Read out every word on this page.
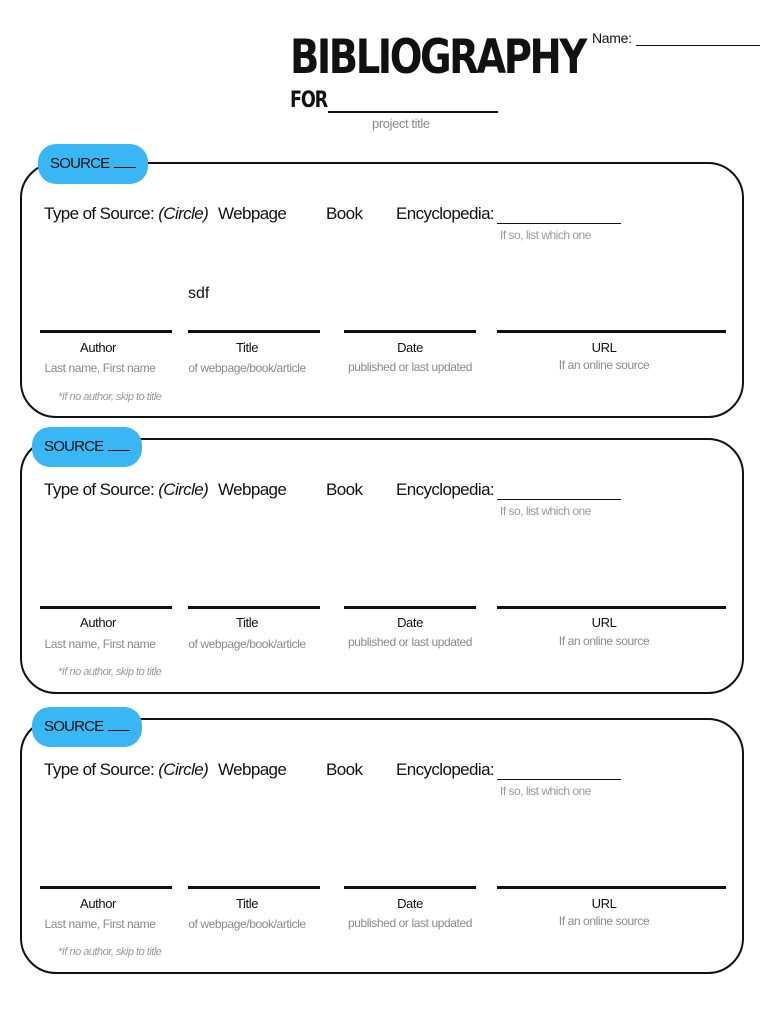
Name:
BIBLIOGRAPHY
FOR
project title
SOURCE
Type of Source: (Circle) Webpage Book Encyclopedia:
If so, list which one
sdf
Author
Last name, First name
Title
of webpage/book/article
Date
published or last updated
URL
If an online source
*If no author, skip to title
SOURCE
Type of Source: (Circle) Webpage Book Encyclopedia:
If so, list which one
Author
Last name, First name
Title
of webpage/book/article
Date
published or last updated
URL
If an online source
*If no author, skip to title
SOURCE
Type of Source: (Circle) Webpage Book Encyclopedia:
If so, list which one
Author
Last name, First name
Title
of webpage/book/article
Date
published or last updated
URL
If an online source
*If no author, skip to title
